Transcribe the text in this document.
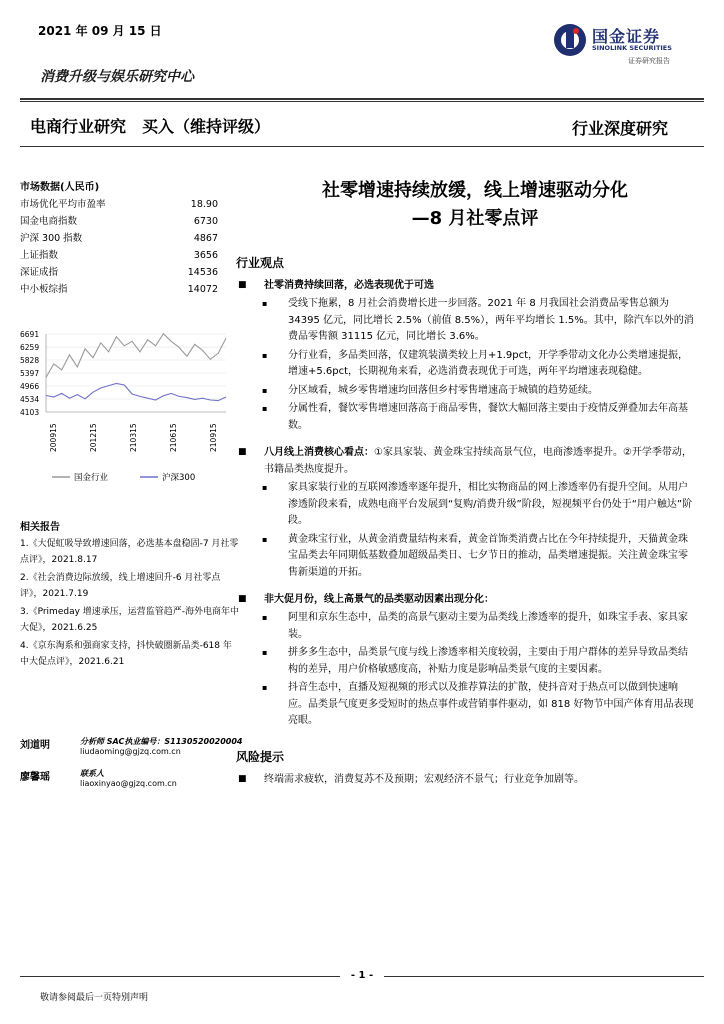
2021 年 09 月 15 日	国金证券
SINOLINK SECURITIES
证券研究报告
消费升级与娱乐研究中心
电商行业研究　买入（维持评级）	行业深度研究
市场数据(人民币)
市场优化平均市盈率	18.90
国金电商指数	6730
沪深 300 指数	4867
上证指数	3656
深证成指	14536
中小板综指	14072
6691
6259
5828
5397
4966
4534
4103
200915	201215	210315	210615	210915
国金行业	沪深300
相关报告
1.《大促虹吸导致增速回落，必选基本盘稳固-7 月社零点评》，2021.8.17
2.《社会消费边际放缓，线上增速回升-6 月社零点评》，2021.7.19
3.《Primeday 增速承压，运营监管趋严-海外电商年中大促》，2021.6.25
4.《京东淘系和强商家支持，抖快破圈新品类-618 年中大促点评》，2021.6.21
刘道明	分析师 SAC执业编号：S1130520020004
liudaoming@gjzq.com.cn
廖馨瑶	联系人
liaoxinyao@gjzq.com.cn
社零增速持续放缓，线上增速驱动分化
—8 月社零点评
行业观点
■	社零消费持续回落，必选表现优于可选
▪	受线下拖累，8 月社会消费增长进一步回落。2021 年 8 月我国社会消费品零售总额为 34395 亿元，同比增长 2.5%（前值 8.5%），两年平均增长 1.5%。其中，除汽车以外的消费品零售额 31115 亿元，同比增长 3.6%。
▪	分行业看，多品类回落，仅建筑装潢类较上月+1.9pct，开学季带动文化办公类增速提振，增速+5.6pct，长期视角来看，必选消费表现优于可选，两年平均增速表现稳健。
▪	分区域看，城乡零售增速均回落但乡村零售增速高于城镇的趋势延续。
▪	分属性看，餐饮零售增速回落高于商品零售，餐饮大幅回落主要由于疫情反弹叠加去年高基数。
■	八月线上消费核心看点：①家具家装、黄金珠宝持续高景气位，电商渗透率提升。②开学季带动，书籍品类热度提升。
▪	家具家装行业的互联网渗透率逐年提升，相比实物商品的网上渗透率仍有提升空间。从用户渗透阶段来看，成熟电商平台发展到“复购/消费升级”阶段，短视频平台仍处于“用户触达”阶段。
▪	黄金珠宝行业，从黄金消费量结构来看，黄金首饰类消费占比在今年持续提升，天猫黄金珠宝品类去年同期低基数叠加超级品类日、七夕节日的推动，品类增速提振。关注黄金珠宝零售新渠道的开拓。
■	非大促月份，线上高景气的品类驱动因素出现分化：
▪	阿里和京东生态中，品类的高景气驱动主要为品类线上渗透率的提升，如珠宝手表、家具家装。
▪	拼多多生态中，品类景气度与线上渗透率相关度较弱，主要由于用户群体的差异导致品类结构的差异，用户价格敏感度高，补贴力度是影响品类景气度的主要因素。
▪	抖音生态中，直播及短视频的形式以及推荐算法的扩散，使抖音对于热点可以做到快速响应。品类景气度更多受短时的热点事件或营销事件驱动，如 818 好物节中国产体育用品表现亮眼。
风险提示
■	终端需求疲软，消费复苏不及预期；宏观经济不景气；行业竞争加剧等。
- 1 -
敬请参阅最后一页特别声明
